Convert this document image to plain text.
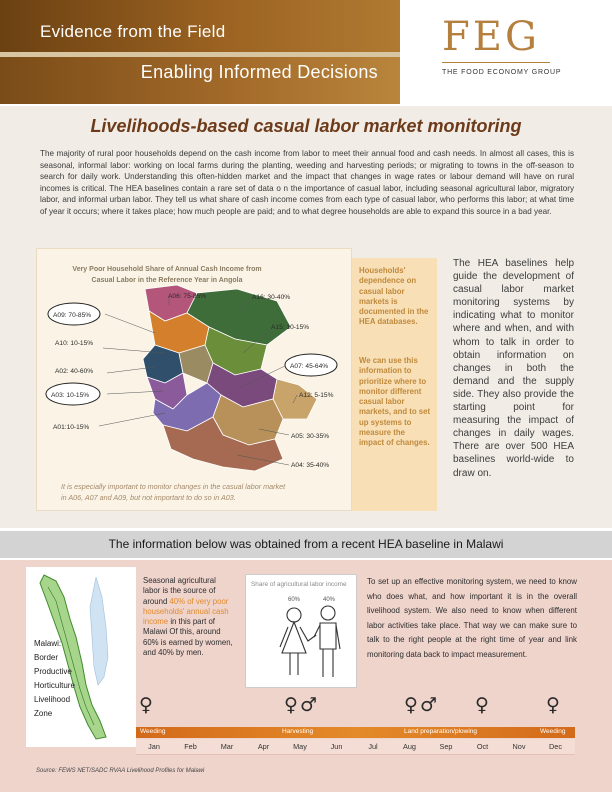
Evidence from the Field
Enabling Informed Decisions
FEG
THE FOOD ECONOMY GROUP
Livelihoods-based casual labor market monitoring

The majority of rural poor households depend on the cash income from labor to meet their annual food and cash needs. In almost all cases, this is seasonal, informal labor: working on local farms during the planting, weeding and harvesting periods; or migrating to towns in the off-season to search for daily work. Understanding this often-hidden market and the impact that changes in wage rates or labour demand will have on rural incomes is critical. The HEA baselines contain a rare set of data o n the importance of casual labor, including seasonal agricultural labor, migratory labor, and informal urban labor. They tell us what share of cash income comes from each type of casual labor, who performs this labor; at what time of year it occurs; where it takes place; how much people are paid; and to what degree households are able to expand this source in a bad year.

Very Poor Household Share of Annual Cash Income from
Casual Labor in the Reference Year in Angola
A06: 75-85%	A16: 30-40%
A09: 70-85%
A10: 10-15%
A15: 10-15%
A02: 40-60%
A07: 45-64%
A03: 10-15%	A12: 5-15%
A01:10-15%
A05: 30-35%
A04: 35-40%
It is especially important to monitor changes in the casual labor market
in A06, A07 and A09, but not important to do so in A03.

Households' dependence on casual labor markets is documented in the HEA databases.

We can use this information to prioritize where to monitor different casual labor markets, and to set up systems to measure the impact of changes.

The HEA baselines help guide the development of casual labor market monitoring systems by indicating what to monitor where and when, and with whom to talk in order to obtain information on changes in both the demand and the supply side. They also provide the starting point for measuring the impact of changes in daily wages. There are over 500 HEA baselines world-wide to draw on.

The information below was obtained from a recent HEA baseline in Malawi
Malawi:
Border
Productive
Horticulture
Livelihood
Zone

Seasonal agricultural labor is the source of around 40% of very poor households' annual cash income in this part of Malawi Of this, around 60% is earned by women, and 40% by men.

Share of agricultural labor income
60%	40%

To set up an effective monitoring system, we need to know who does what, and how important it is in the overall livelihood system. We also need to know when different labor activities take place. That way we can make sure to talk to the right people at the right time of year and link monitoring data back to impact measurement.

♀	♀ ♂	♀ ♂ ♀	♀
Weeding	Harvesting	Land preparation/plowing	Weeding
Jan	Feb	Mar	Apr	May	Jun	Jul	Aug	Sep	Oct	Nov	Dec
Source: FEWS NET/SADC RVAA Livelihood Profiles for Malawi
